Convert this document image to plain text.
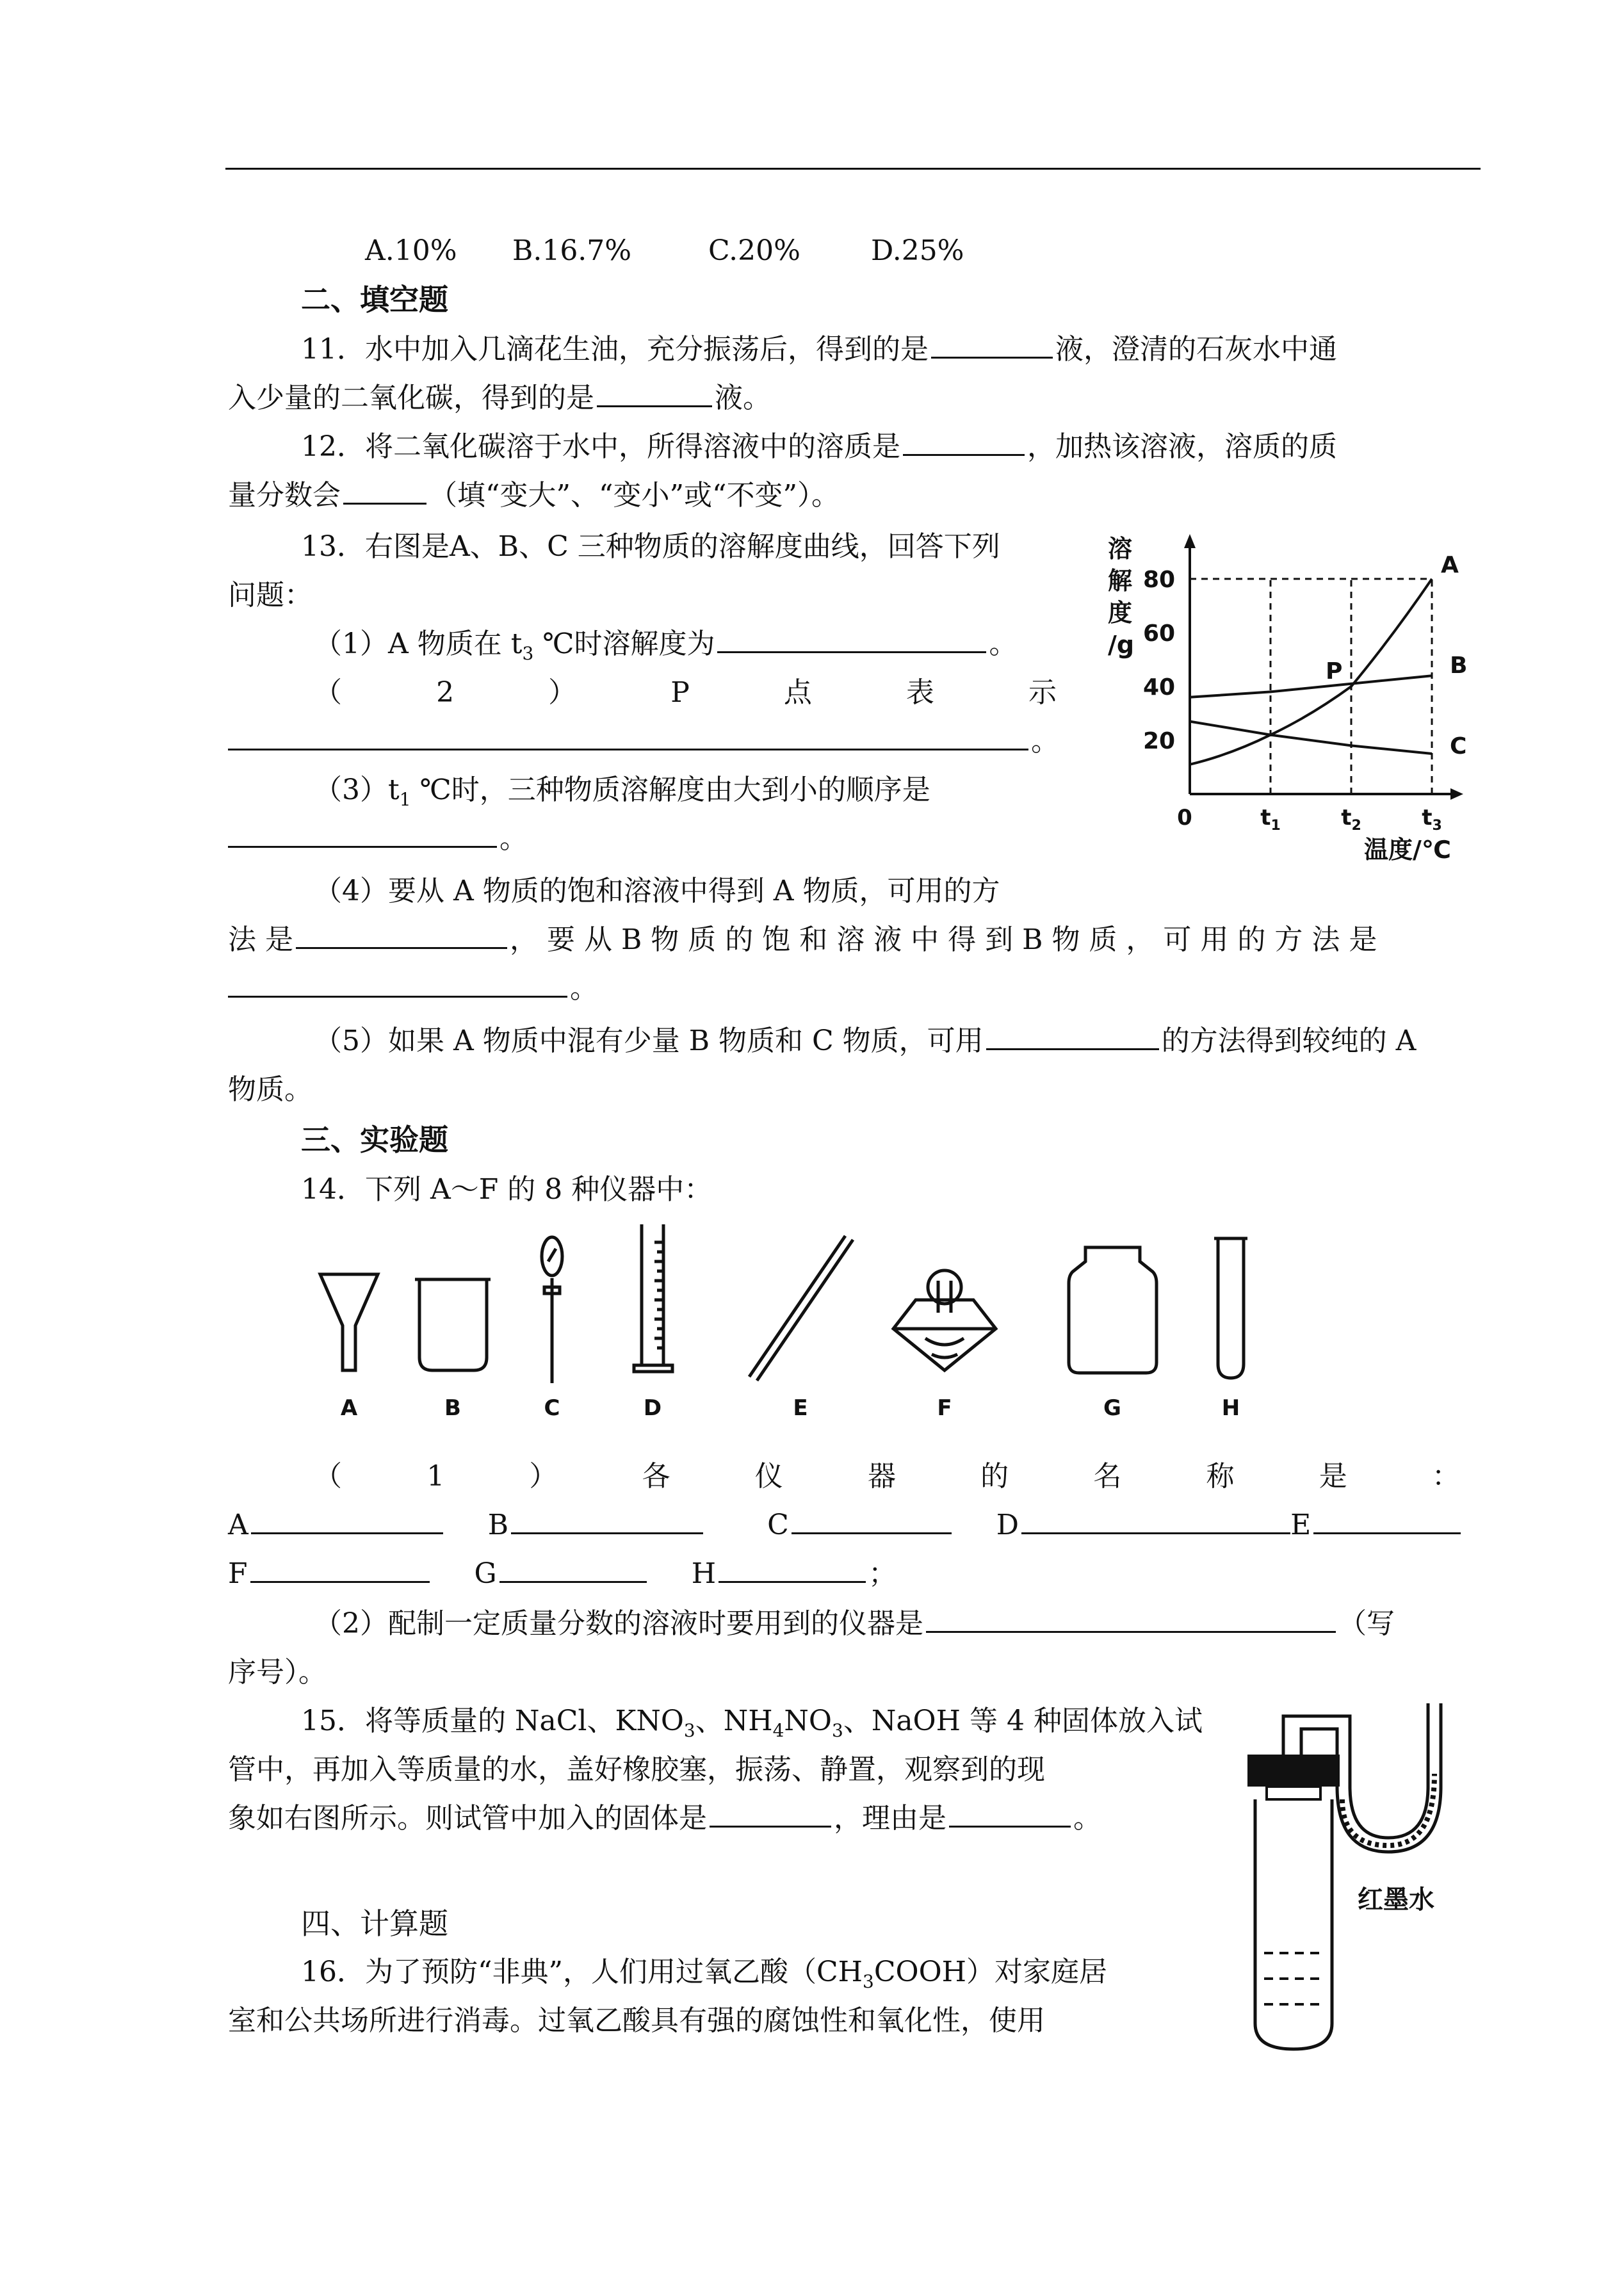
A.10% B.16.7%	C.20%	D.25%
二、填空题
11．水中加入几滴花生油，充分振荡后，得到的是	液，澄清的石灰水中通
入少量的二氧化碳，得到的是	液。
12．将二氧化碳溶于水中，所得溶液中的溶质是	，加热该溶液，溶质的质
量分数会	（填“变大”、“变小”或“不变”）。
13．右图是A、B、C 三种物质的溶解度曲线，回答下列
问题：
（1）A 物质在 $t_3$ ℃时溶解度为	。
（	2	）	P	点	表	示
。
$(3)t_1$ ℃时，三种物质溶解度由大到小的顺序是
。
（4）要从 A 物质的饱和溶液中得到 A 物质，可用的方
法 是	， 要 从 B 物 质 的 饱 和 溶 液 中 得 到 B 物 质 ， 可 用 的 方 法 是
。
（5）如果 A 物质中混有少量 B 物质和 C 物质，可用	的方法得到较纯的 A
物质。
溶
解
度
/g
A
B
C
P
20
40
60
80
0	$t_1$	$t_2$	$t_3$
温度/℃
三、实验题
14．下列 A～F 的 8 种仪器中：
A	B	C	D	E	F	G	H
（	1	）	各	仪	器	的	名	称	是	：
A	B	C	D	E
F	G	H	；
（2）配制一定质量分数的溶液时要用到的仪器是	（写
序号）。
15．将等质量的 NaCl、$KNO_3$、$NH_4NO_3$、NaOH 等 4 种固体放入试
管中，再加入等质量的水，盖好橡胶塞，振荡、静置，观察到的现
象如右图所示。则试管中加入的固体是	，理由是	。
红墨水
四、计算题
16．为了预防“非典”，人们用过氧乙酸$(CH_3COOH)$对家庭居
室和公共场所进行消毒。过氧乙酸具有强的腐蚀性和氧化性，使用
